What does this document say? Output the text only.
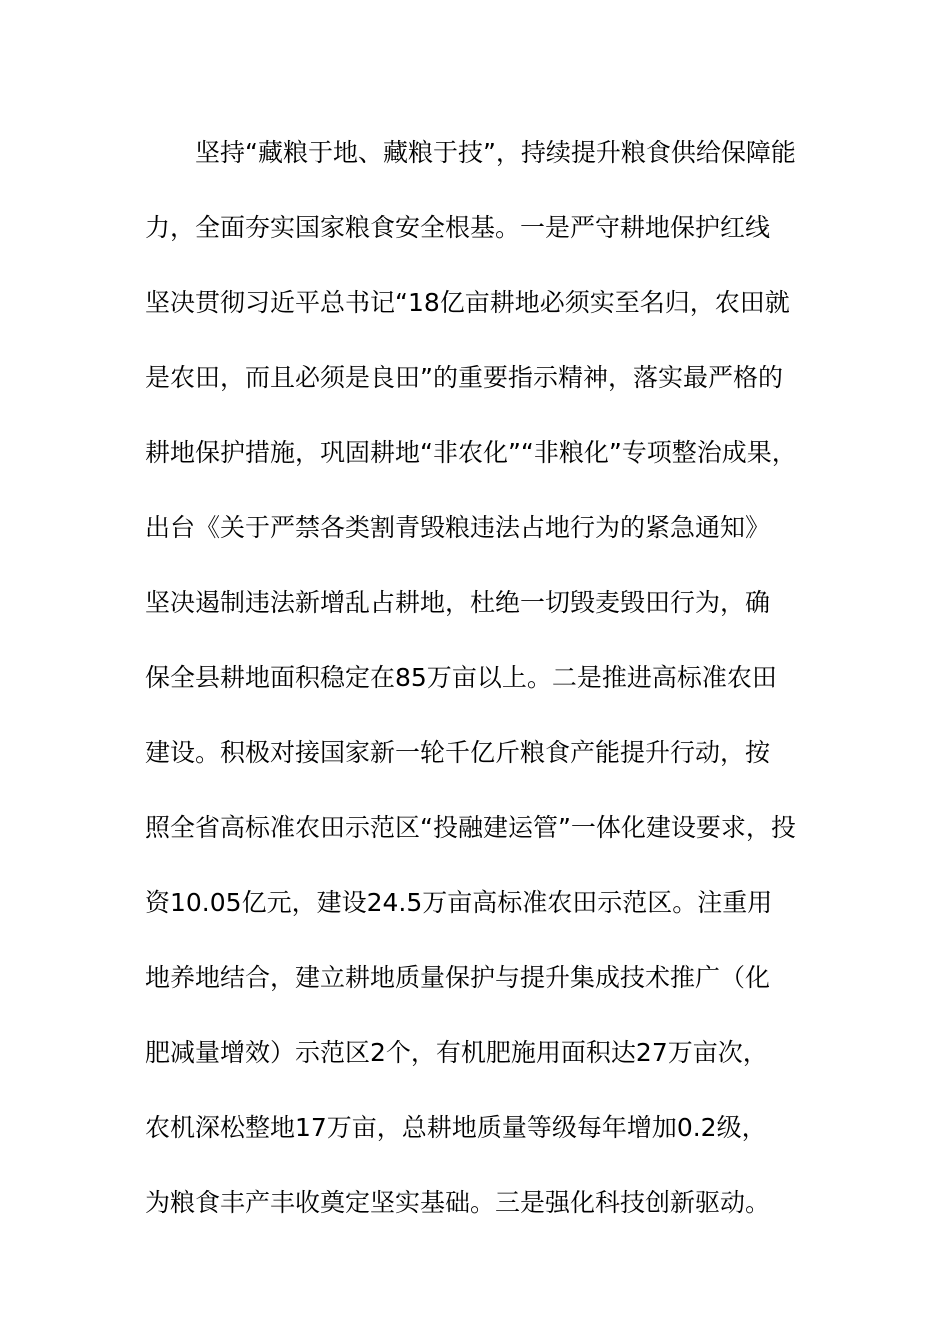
坚持“藏粮于地、藏粮于技”，持续提升粮食供给保障能
力，全面夯实国家粮食安全根基。一是严守耕地保护红线
坚决贯彻习近平总书记“18亿亩耕地必须实至名归，农田就
是农田，而且必须是良田”的重要指示精神，落实最严格的
耕地保护措施，巩固耕地“非农化”“非粮化”专项整治成果，
出台《关于严禁各类割青毁粮违法占地行为的紧急通知》
坚决遏制违法新增乱占耕地，杜绝一切毁麦毁田行为，确
保全县耕地面积稳定在85万亩以上。二是推进高标准农田
建设。积极对接国家新一轮千亿斤粮食产能提升行动，按
照全省高标准农田示范区“投融建运管”一体化建设要求，投
资10.05亿元，建设24.5万亩高标准农田示范区。注重用
地养地结合，建立耕地质量保护与提升集成技术推广（化
肥减量增效）示范区2个，有机肥施用面积达27万亩次，
农机深松整地17万亩，总耕地质量等级每年增加0.2级，
为粮食丰产丰收奠定坚实基础。三是强化科技创新驱动。
